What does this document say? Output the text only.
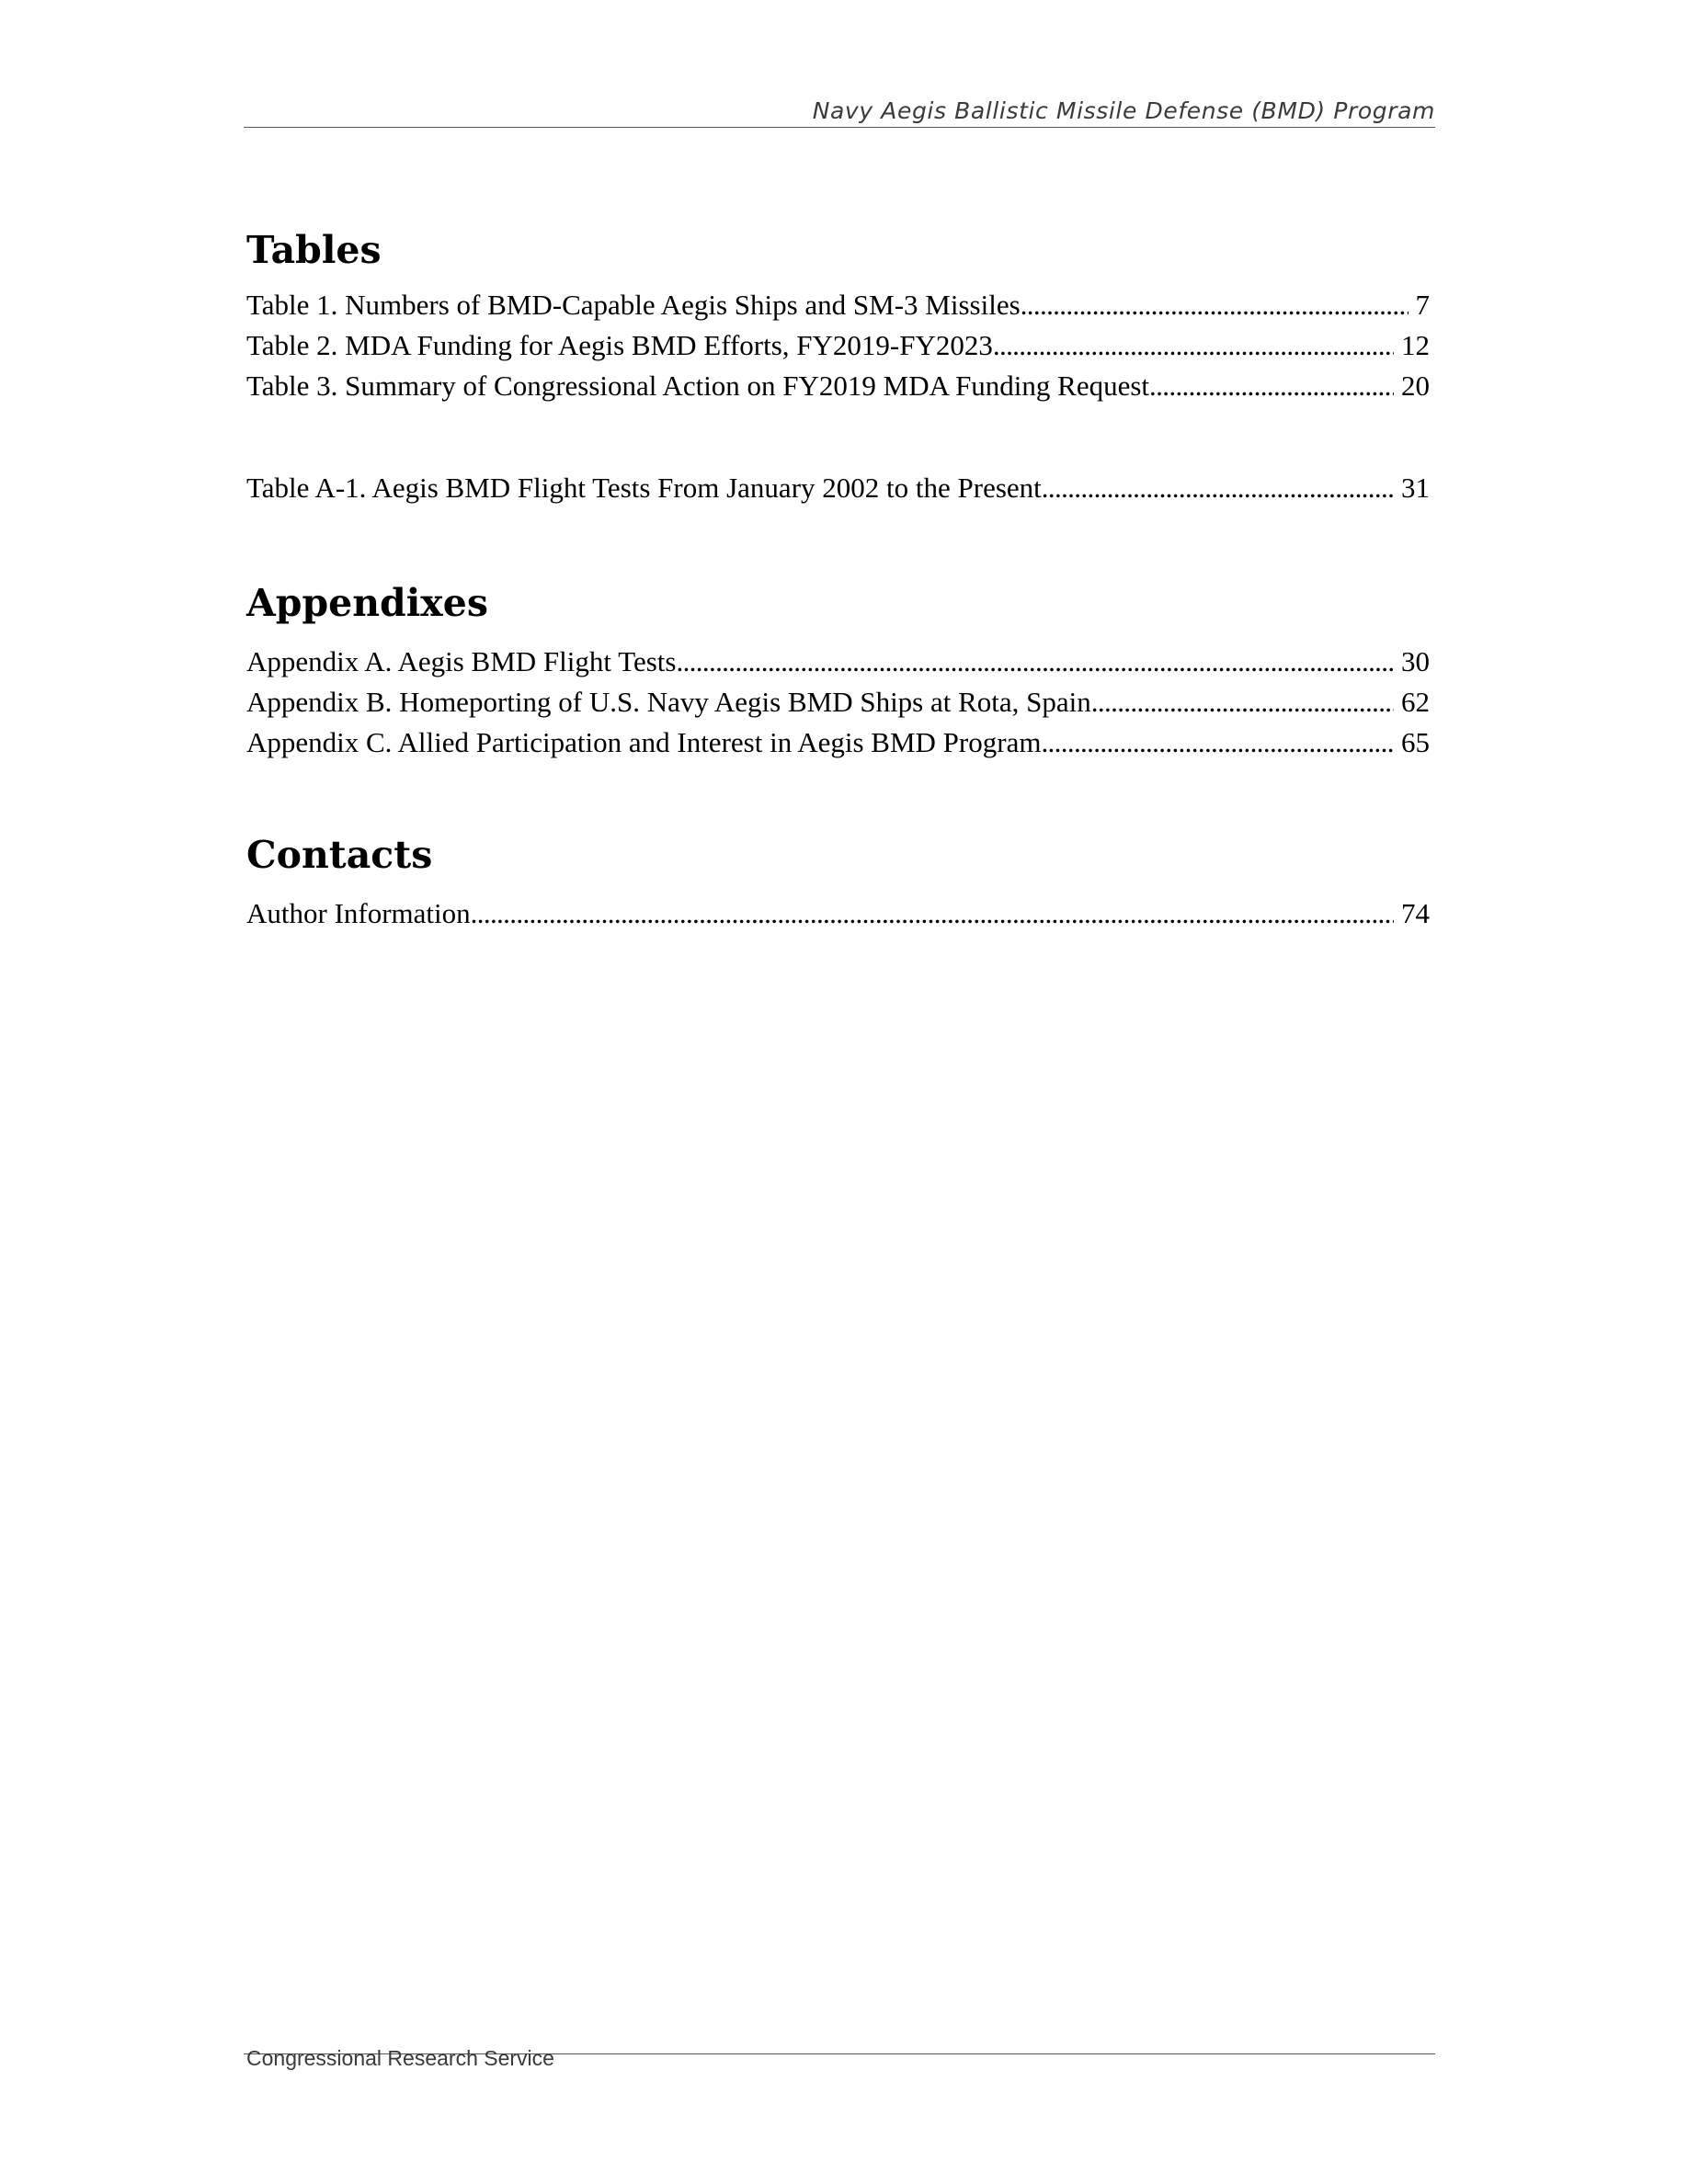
Navy Aegis Ballistic Missile Defense (BMD) Program
Tables
Table 1. Numbers of BMD-Capable Aegis Ships and SM-3 Missiles . . .	7
Table 2. MDA Funding for Aegis BMD Efforts, FY2019-FY2023 . . .	12
Table 3. Summary of Congressional Action on FY2019 MDA Funding Request . . .	20
Table A-1. Aegis BMD Flight Tests From January 2002 to the Present . . .	31
Appendixes
Appendix A. Aegis BMD Flight Tests . . .	30
Appendix B. Homeporting of U.S. Navy Aegis BMD Ships at Rota, Spain . . .	62
Appendix C. Allied Participation and Interest in Aegis BMD Program . . .	65
Contacts
Author Information . . .	74
Congressional Research Service
